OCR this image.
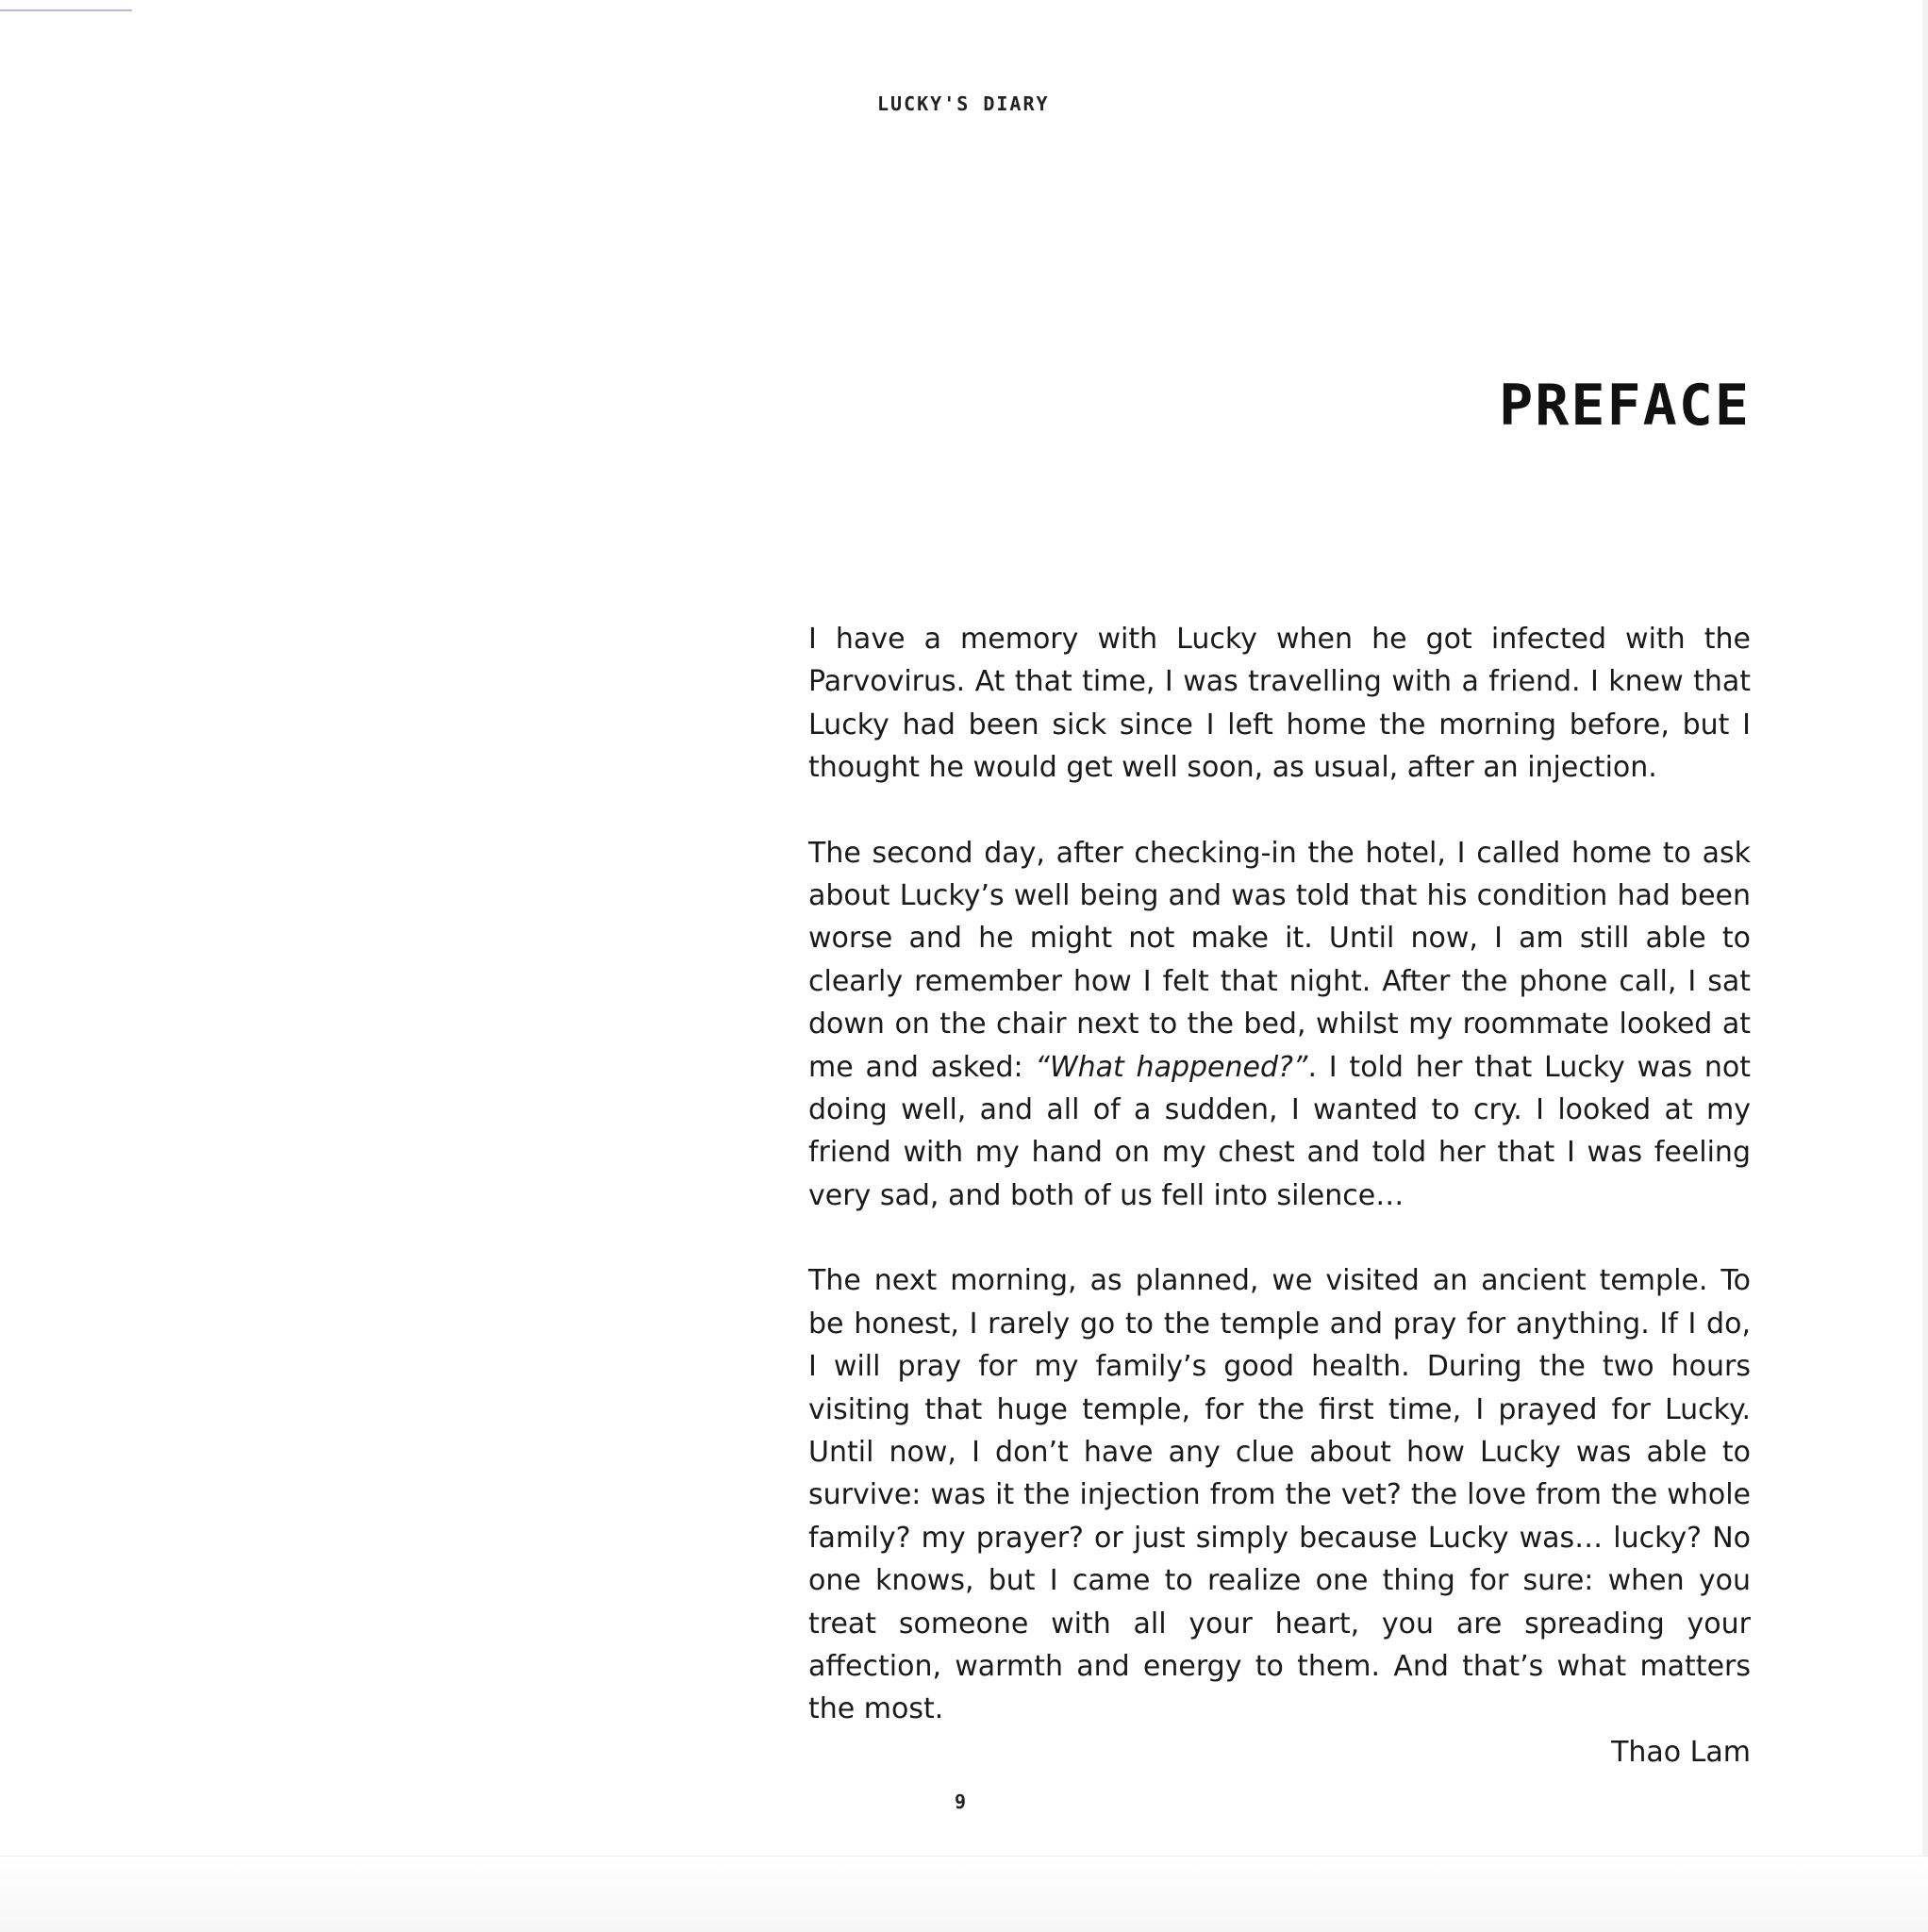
LUCKY'S DIARY
PREFACE

I have a memory with Lucky when he got infected with the Parvovirus. At that time, I was travelling with a friend. I knew that Lucky had been sick since I left home the morning before, but I thought he would get well soon, as usual, after an injection.

The second day, after checking-in the hotel, I called home to ask about Lucky’s well being and was told that his condition had been worse and he might not make it. Until now, I am still able to clearly remember how I felt that night. After the phone call, I sat down on the chair next to the bed, whilst my roommate looked at me and asked: “What happened?”. I told her that Lucky was not doing well, and all of a sudden, I wanted to cry. I looked at my friend with my hand on my chest and told her that I was feeling very sad, and both of us fell into silence…

The next morning, as planned, we visited an ancient temple. To be honest, I rarely go to the temple and pray for anything. If I do, I will pray for my family’s good health. During the two hours visiting that huge temple, for the first time, I prayed for Lucky. Until now, I don’t have any clue about how Lucky was able to survive: was it the injection from the vet? the love from the whole family? my prayer? or just simply because Lucky was… lucky? No one knows, but I came to realize one thing for sure: when you treat someone with all your heart, you are spreading your affection, warmth and energy to them. And that’s what matters the most.

Thao Lam
9
